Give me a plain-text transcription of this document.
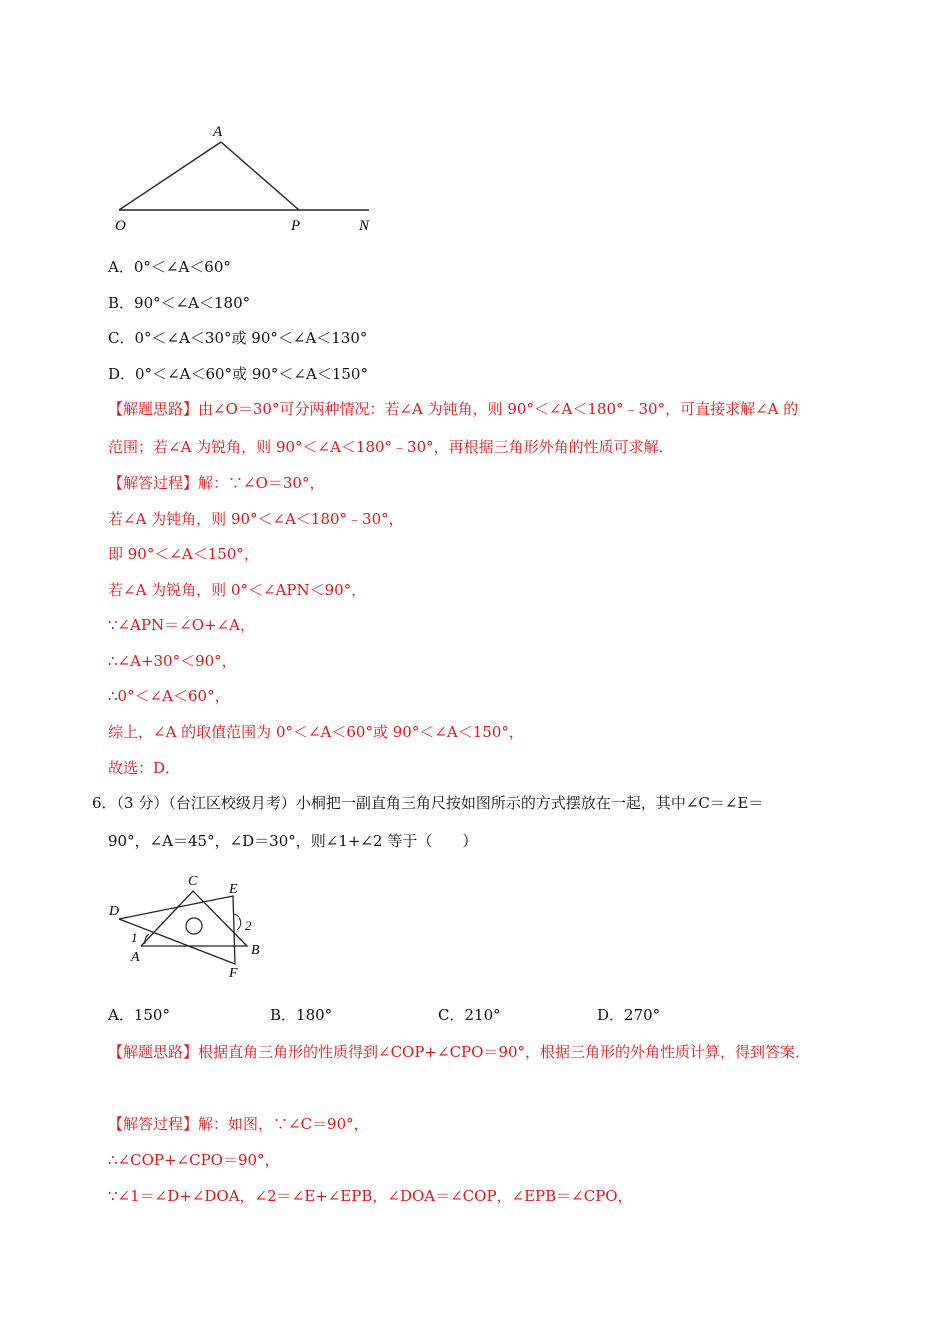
A
O	P	N
A．0°＜∠A＜60°
B．90°＜∠A＜180°
C．0°＜∠A＜30°或 90°＜∠A＜130°
D．0°＜∠A＜60°或 90°＜∠A＜150°
【解题思路】由∠O＝30°可分两种情况：若∠A 为钝角，则 90°＜∠A＜180°﹣30°，可直接求解∠A 的
范围；若∠A 为锐角，则 90°＜∠A＜180°﹣30°，再根据三角形外角的性质可求解．
【解答过程】解：∵∠O＝30°，
若∠A 为钝角，则 90°＜∠A＜180°﹣30°，
即 90°＜∠A＜150°，
若∠A 为锐角，则 0°＜∠APN＜90°，
∵∠APN＝∠O+∠A，
∴∠A+30°＜90°，
∴0°＜∠A＜60°，
综上，∠A 的取值范围为 0°＜∠A＜60°或 90°＜∠A＜150°，
故选：D．
6．（3 分）（台江区校级月考）小桐把一副直角三角尺按如图所示的方式摆放在一起，其中∠C＝∠E＝
90°，∠A＝45°，∠D＝30°，则∠1+∠2 等于（　　）
C
E
D
2
1
A	B
F
A．150°	B．180°	C．210°	D．270°
【解题思路】根据直角三角形的性质得到∠COP+∠CPO＝90°，根据三角形的外角性质计算，得到答案．
【解答过程】解：如图，∵∠C＝90°，
∴∠COP+∠CPO＝90°，
∵∠1＝∠D+∠DOA，∠2＝∠E+∠EPB，∠DOA＝∠COP，∠EPB＝∠CPO，
